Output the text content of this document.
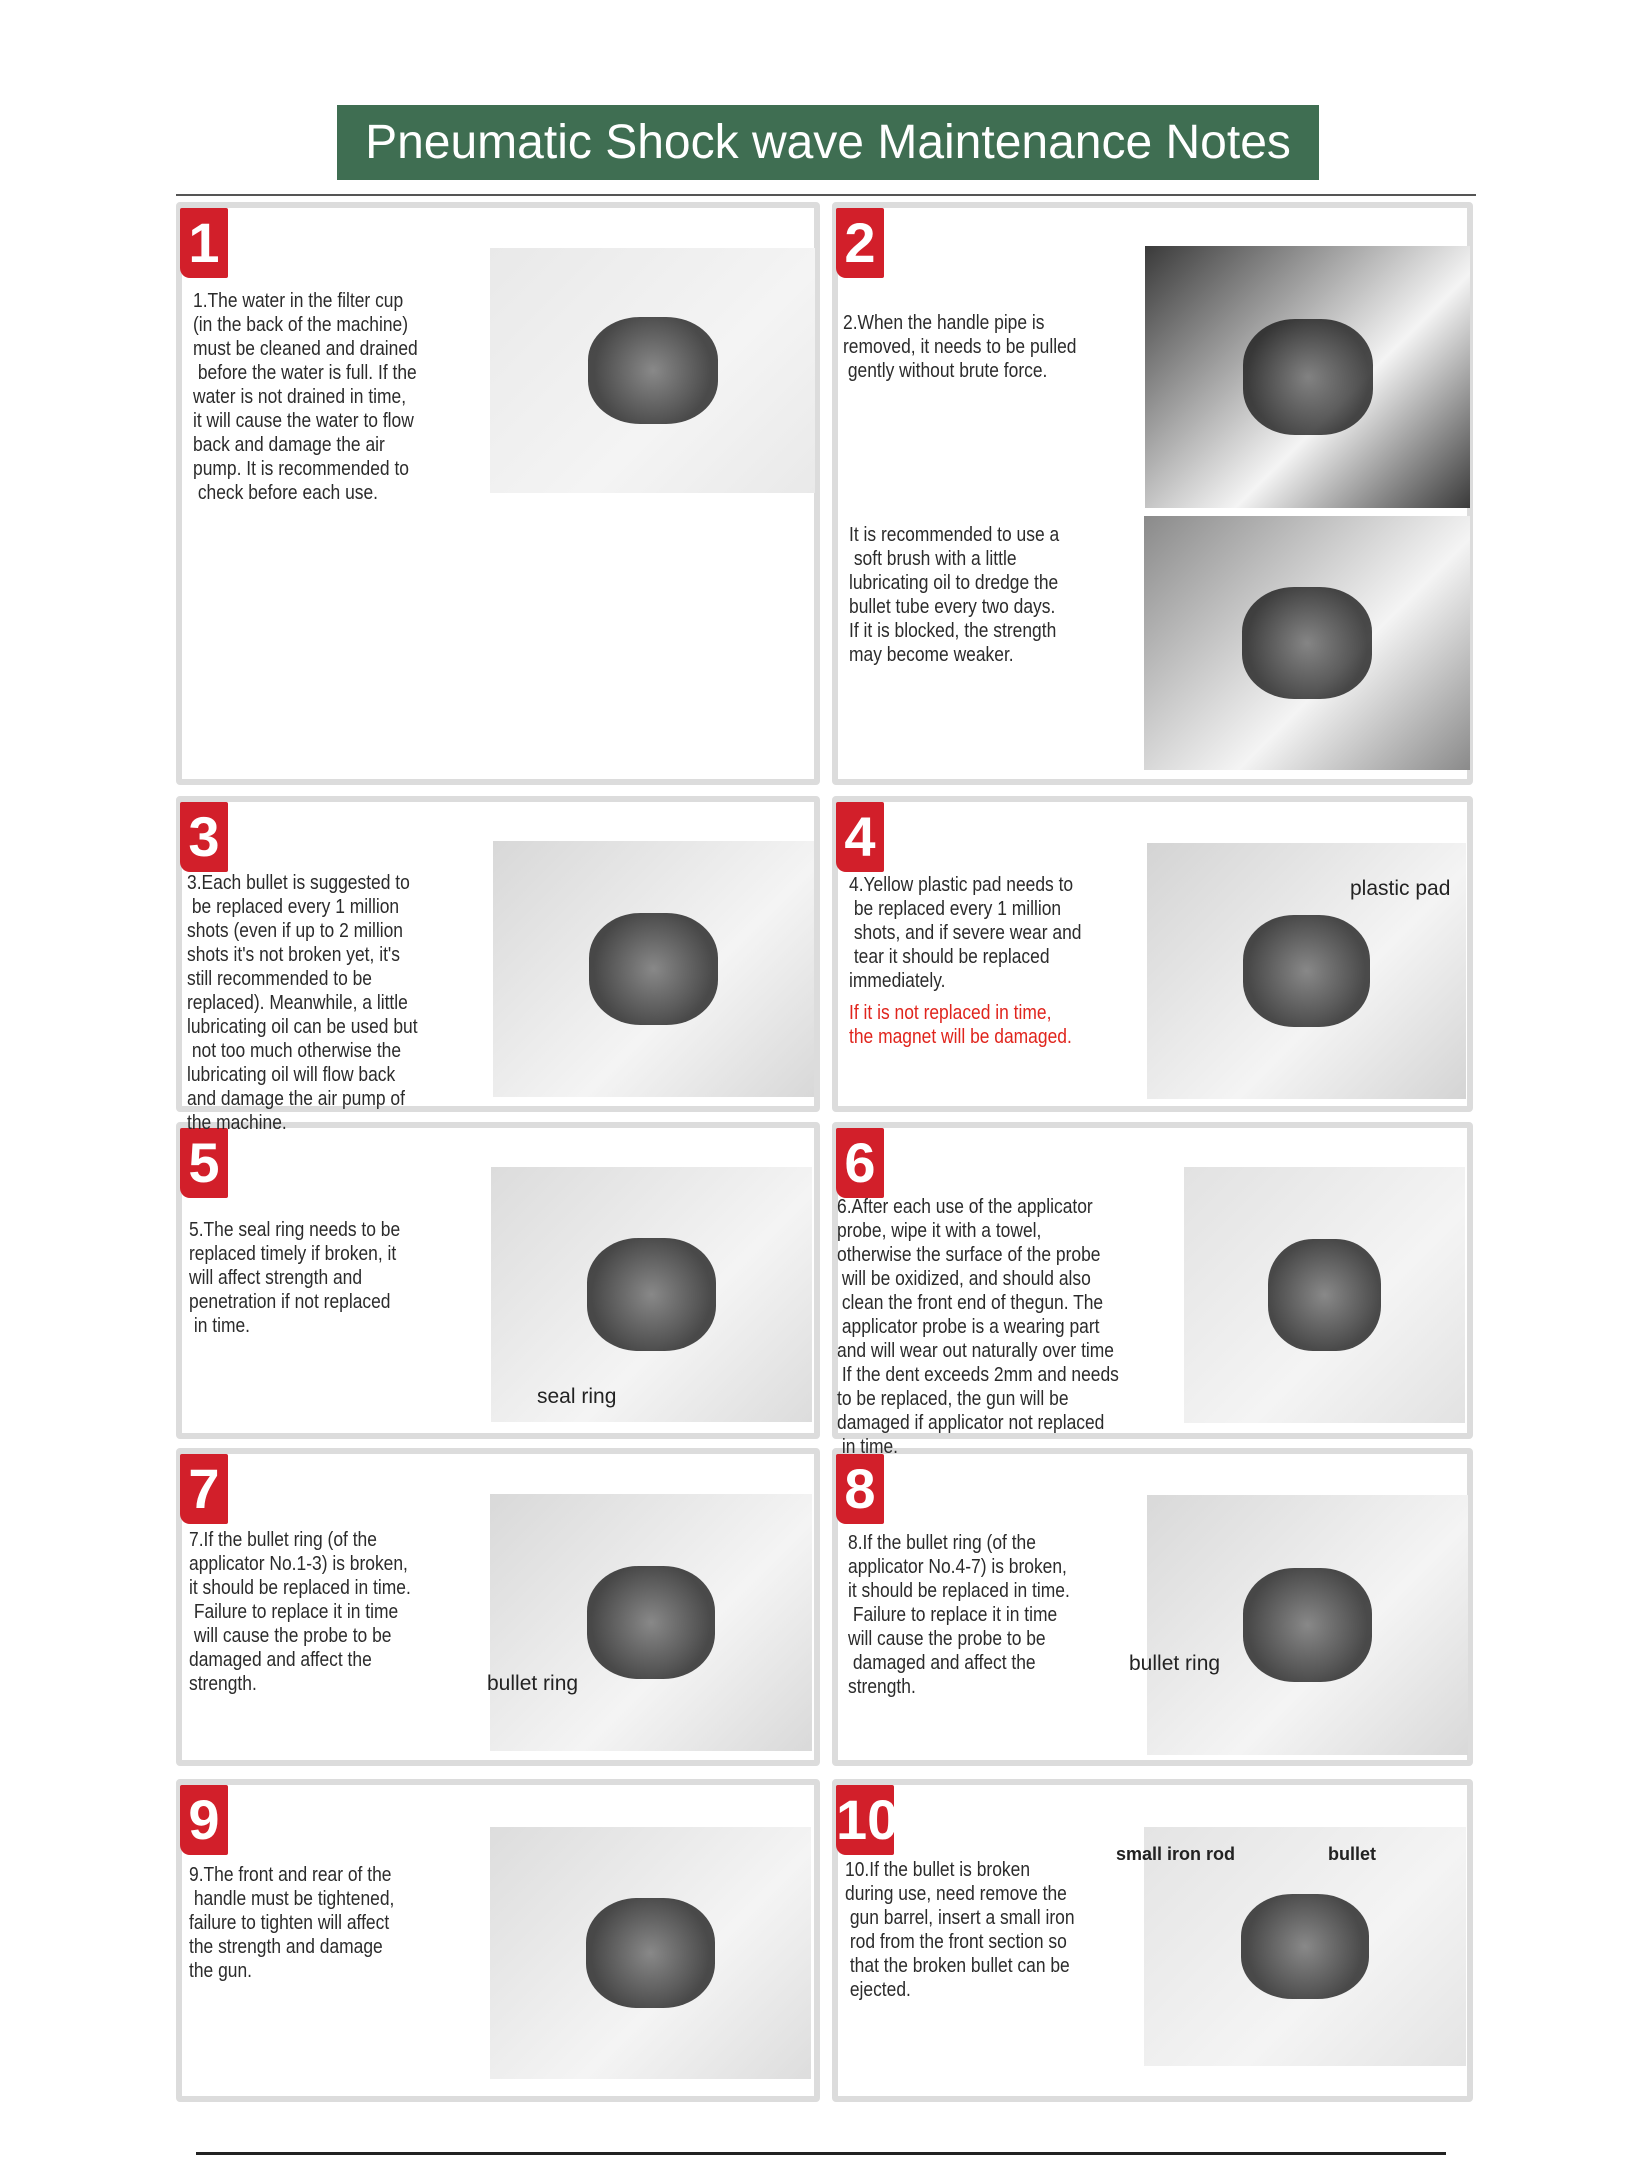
Pneumatic Shock wave Maintenance Notes
1
1.The water in the filter cup
(in the back of the machine)
must be cleaned and drained
before the water is full. If the
water is not drained in time,
it will cause the water to flow
back and damage the air
pump. It is recommended to
check before each use.
2
2.When the handle pipe is
removed, it needs to be pulled
gently without brute force.
It is recommended to use a
soft brush with a little
lubricating oil to dredge the
bullet tube every two days.
If it is blocked, the strength
may become weaker.
3
3.Each bullet is suggested to
be replaced every 1 million
shots (even if up to 2 million
shots it's not broken yet, it's
still recommended to be
replaced). Meanwhile, a little
lubricating oil can be used but
not too much otherwise the
lubricating oil will flow back
and damage the air pump of
the machine.
4
4.Yellow plastic pad needs to
be replaced every 1 million
shots, and if severe wear and
tear it should be replaced
immediately.
If it is not replaced in time,
the magnet will be damaged.
plastic pad
5
5.The seal ring needs to be
replaced timely if broken, it
will affect strength and
penetration if not replaced
in time.
seal ring
6
6.After each use of the applicator
probe, wipe it with a towel,
otherwise the surface of the probe
will be oxidized, and should also
clean the front end of thegun. The
applicator probe is a wearing part
and will wear out naturally over time
If the dent exceeds 2mm and needs
to be replaced, the gun will be
damaged if applicator not replaced
in time.
7
7.If the bullet ring (of the
applicator No.1-3) is broken,
it should be replaced in time.
Failure to replace it in time
will cause the probe to be
damaged and affect the
strength.	bullet ring
8
8.If the bullet ring (of the
applicator No.4-7) is broken,
it should be replaced in time.
Failure to replace it in time
will cause the probe to be
damaged and affect the
strength.
bullet ring
9
9.The front and rear of the
handle must be tightened,
failure to tighten will affect
the strength and damage
the gun.
10
10.If the bullet is broken
during use, need remove the
gun barrel, insert a small iron
rod from the front section so
that the broken bullet can be
ejected.
small iron rod	bullet
